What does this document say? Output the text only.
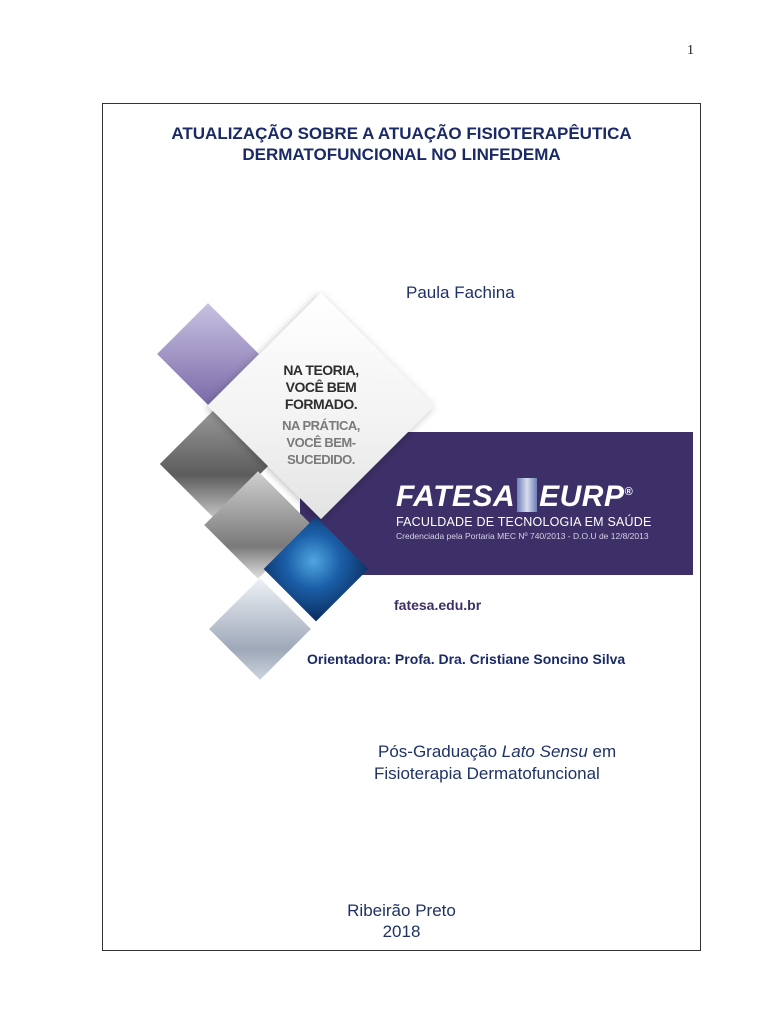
1
ATUALIZAÇÃO SOBRE A ATUAÇÃO FISIOTERAPÊUTICA
DERMATOFUNCIONAL NO LINFEDEMA
Paula Fachina
NA TEORIA,
VOCÊ BEM FORMADO.
NA PRÁTICA,
VOCÊ BEM-SUCEDIDO.
FATESA EURP®
FACULDADE DE TECNOLOGIA EM SAÚDE
Credenciada pela Portaria MEC Nº 740/2013 - D.O.U de 12/8/2013
fatesa.edu.br
Orientadora: Profa. Dra. Cristiane Soncino Silva
Pós-Graduação Lato Sensu em
Fisioterapia Dermatofuncional
Ribeirão Preto
2018
